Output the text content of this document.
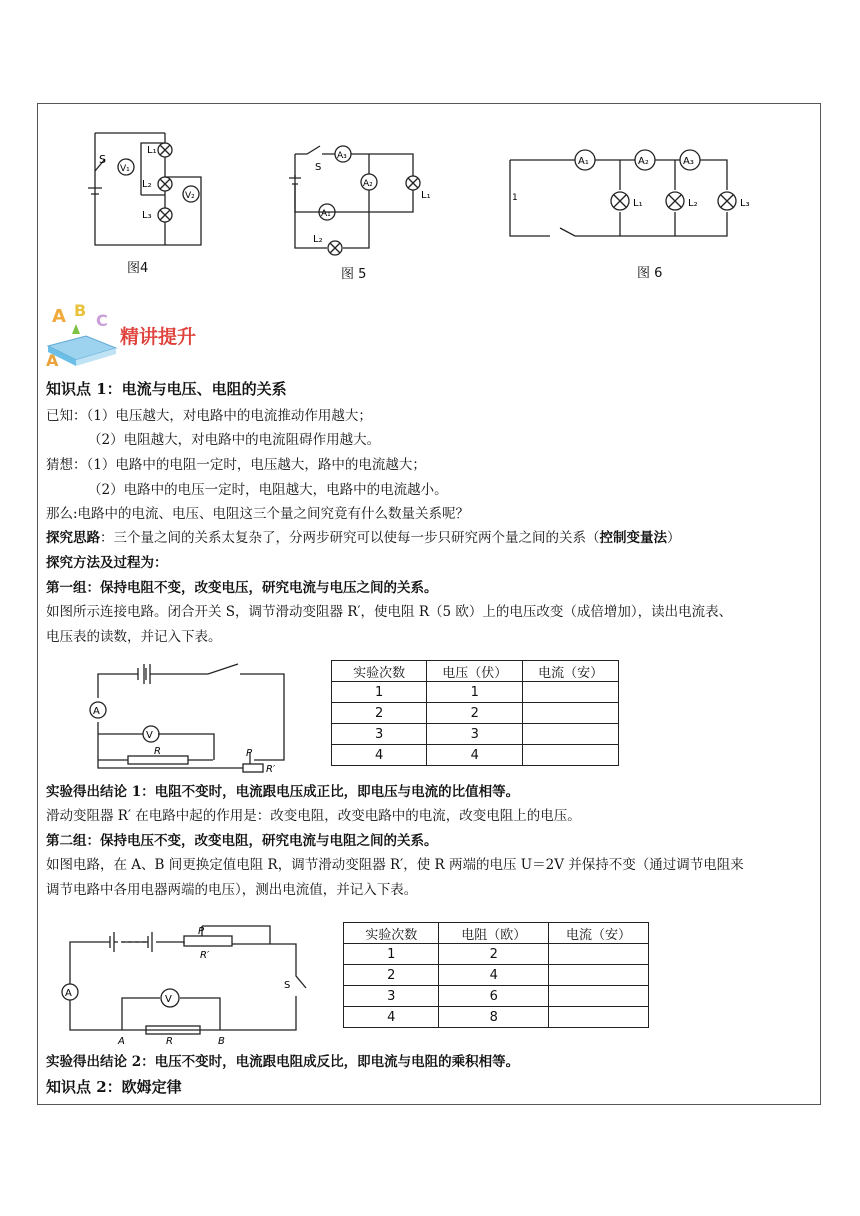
S
V₁
V₂
L₁
L₂
L₃
图4
S
A₃
A₂
A₁
L₁
L₂
图 5
1
A₁	A₂	A₃
L₁	L₂	L₃
图 6
A B
C
A
精讲提升
知识点 1：电流与电压、电阻的关系
已知：（1）电压越大，对电路中的电流推动作用越大；
（2）电阻越大，对电路中的电流阻碍作用越大。
猜想：（1）电路中的电阻一定时，电压越大，路中的电流越大；
（2）电路中的电压一定时，电阻越大，电路中的电流越小。
那么:电路中的电流、电压、电阻这三个量之间究竟有什么数量关系呢？
探究思路：三个量之间的关系太复杂了，分两步研究可以使每一步只研究两个量之间的关系（控制变量法）
探究方法及过程为：
第一组：保持电阻不变，改变电压，研究电流与电压之间的关系。
如图所示连接电路。闭合开关 S，调节滑动变阻器 R′，使电阻 R（5 欧）上的电压改变（成倍增加），读出电流表、
电压表的读数，并记入下表。
A
V
R	P
R′
实验次数	电压（伏）	电流（安）
1	1	
2	2	
3	3	
4	4	
实验得出结论 1：电阻不变时，电流跟电压成正比，即电压与电流的比值相等。
滑动变阻器 R′ 在电路中起的作用是：改变电阻，改变电路中的电流，改变电阻上的电压。
第二组：保持电压不变，改变电阻，研究电流与电阻之间的关系。
如图电路，在 A、B 间更换定值电阻 R，调节滑动变阻器 R′，使 R 两端的电压 U＝2V 并保持不变（通过调节电阻来
调节电路中各用电器两端的电压），测出电流值，并记入下表。
P
R′
S
A
V
A	R	B
实验次数	电阻（欧）	电流（安）
1	2	
2	4	
3	6	
4	8	
实验得出结论 2：电压不变时，电流跟电阻成反比，即电流与电阻的乘积相等。
知识点 2：欧姆定律
